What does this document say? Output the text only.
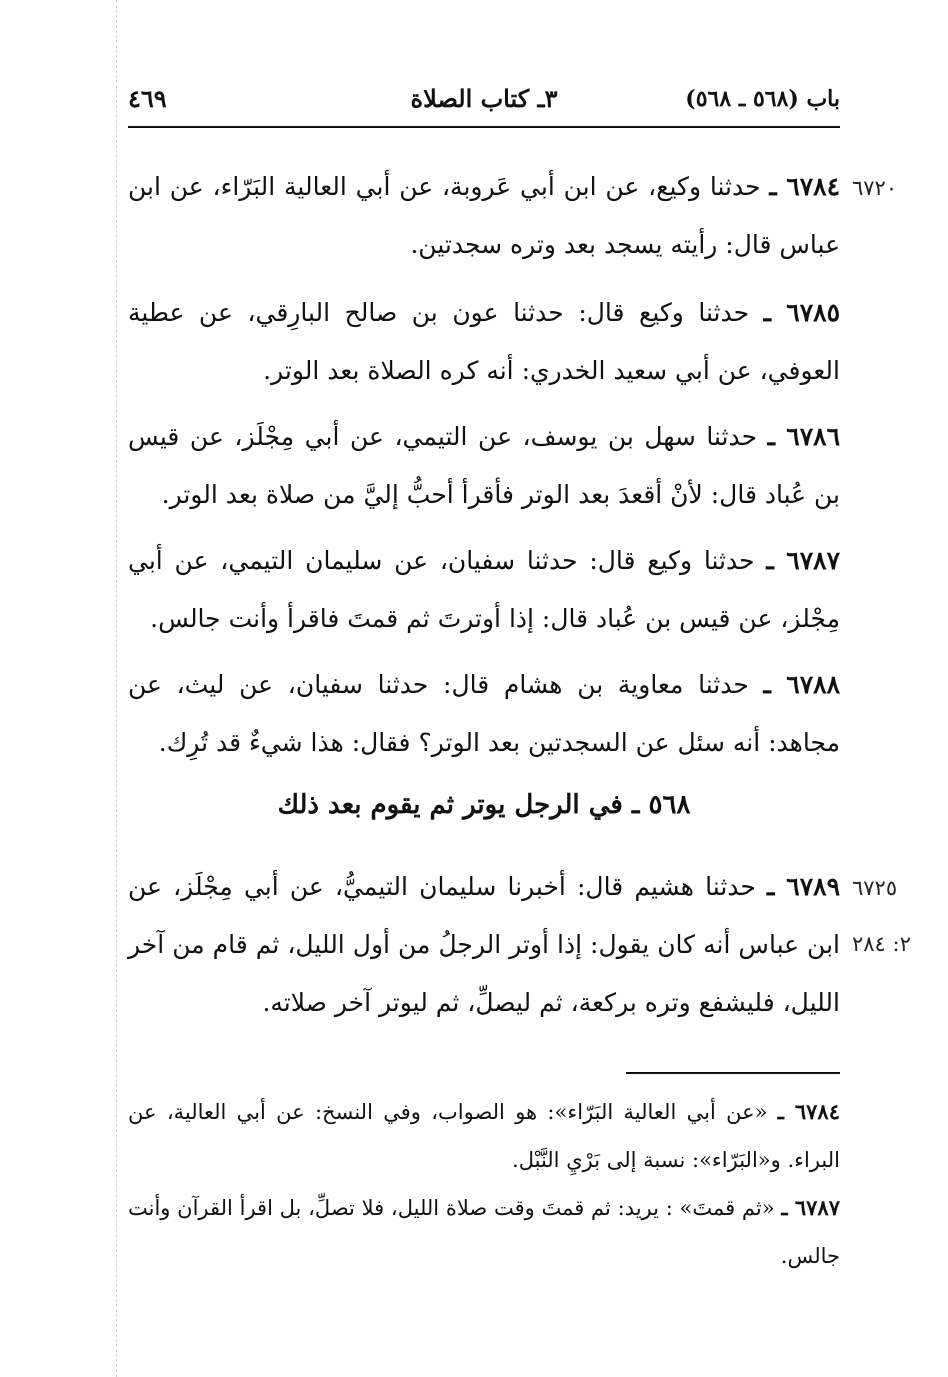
٤٦٩	٣ـ كتاب الصلاة	باب (٥٦٨ ـ ٥٦٨)
٦٧٢٠
٦٧٨٤ ـ حدثنا وكيع، عن ابن أبي عَروبة، عن أبي العالية البَرّاء، عن ابن عباس قال: رأيته يسجد بعد وتره سجدتين.
٦٧٨٥ ـ حدثنا وكيع قال: حدثنا عون بن صالح البارِقي، عن عطية العوفي، عن أبي سعيد الخدري: أنه كره الصلاة بعد الوتر.
٦٧٨٦ ـ حدثنا سهل بن يوسف، عن التيمي، عن أبي مِجْلَز، عن قيس بن عُباد قال: لأنْ أقعدَ بعد الوتر فأقرأ أحبُّ إليَّ من صلاة بعد الوتر.
٦٧٨٧ ـ حدثنا وكيع قال: حدثنا سفيان، عن سليمان التيمي، عن أبي مِجْلز، عن قيس بن عُباد قال: إذا أوترتَ ثم قمتَ فاقرأ وأنت جالس.
٦٧٨٨ ـ حدثنا معاوية بن هشام قال: حدثنا سفيان، عن ليث، عن مجاهد: أنه سئل عن السجدتين بعد الوتر؟ فقال: هذا شيءٌ قد تُرِك.
٥٦٨ ـ في الرجل يوتر ثم يقوم بعد ذلك
٦٧٢٥
٢: ٢٨٤
٦٧٨٩ ـ حدثنا هشيم قال: أخبرنا سليمان التيميُّ، عن أبي مِجْلَز، عن ابن عباس أنه كان يقول: إذا أوتر الرجلُ من أول الليل، ثم قام من آخر الليل، فليشفع وتره بركعة، ثم ليصلِّ، ثم ليوتر آخر صلاته.
٦٧٨٤ ـ «عن أبي العالية البَرّاء»: هو الصواب، وفي النسخ: عن أبي العالية، عن البراء. و«البَرّاء»: نسبة إلى بَرْيِ النَّبْل.
٦٧٨٧ ـ «ثم قمتَ» : يريد: ثم قمتَ وقت صلاة الليل، فلا تصلِّ، بل اقرأ القرآن وأنت جالس.
